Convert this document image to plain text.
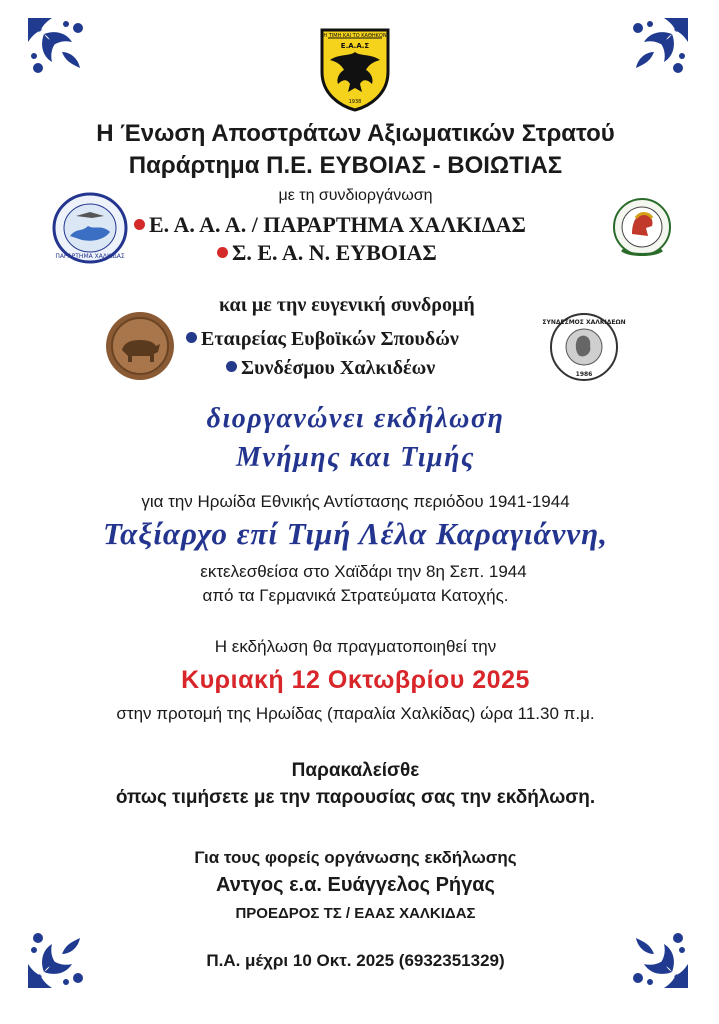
Η ΤΙΜΗ ΚΑΙ ΤΟ ΚΑΘΗΚΟΝ
Ε.Α.Α.Σ
1938
Η Ένωση Αποστράτων Αξιωματικών Στρατού
Παράρτημα Π.Ε. ΕΥΒΟΙΑΣ - ΒΟΙΩΤΙΑΣ
με τη συνδιοργάνωση
Ε. Α. Α. Α. / ΠΑΡΑΡΤΗΜΑ ΧΑΛΚΙΔΑΣ
Σ. Ε. Α. Ν. ΕΥΒΟΙΑΣ
ΠΑΡΑΡΤΗΜΑ ΧΑΛΚΙΔΑΣ
και με την ευγενική συνδρομή
Εταιρείας Ευβοϊκών Σπουδών
Συνδέσμου Χαλκιδέων
ΣΥΝΔΕΣΜΟΣ ΧΑΛΚΙΔΕΩΝ
1986
διοργανώνει εκδήλωση
Μνήμης και Τιμής
για την Ηρωίδα Εθνικής Αντίστασης περιόδου 1941-1944
Ταξίαρχο επί Τιμή Λέλα Καραγιάννη,
εκτελεσθείσα στο Χαϊδάρι την 8η Σεπ. 1944
από τα Γερμανικά Στρατεύματα Κατοχής.
Η εκδήλωση θα πραγματοποιηθεί την
Κυριακή 12 Οκτωβρίου 2025
στην προτομή της Ηρωίδας (παραλία Χαλκίδας) ώρα 11.30 π.μ.
Παρακαλείσθε
όπως τιμήσετε με την παρουσίας σας την εκδήλωση.
Για τους φορείς οργάνωσης εκδήλωσης
Αντγος ε.α. Ευάγγελος Ρήγας
ΠΡΟΕΔΡΟΣ ΤΣ / ΕΑΑΣ ΧΑΛΚΙΔΑΣ
Π.Α. μέχρι 10 Οκτ. 2025 (6932351329)
